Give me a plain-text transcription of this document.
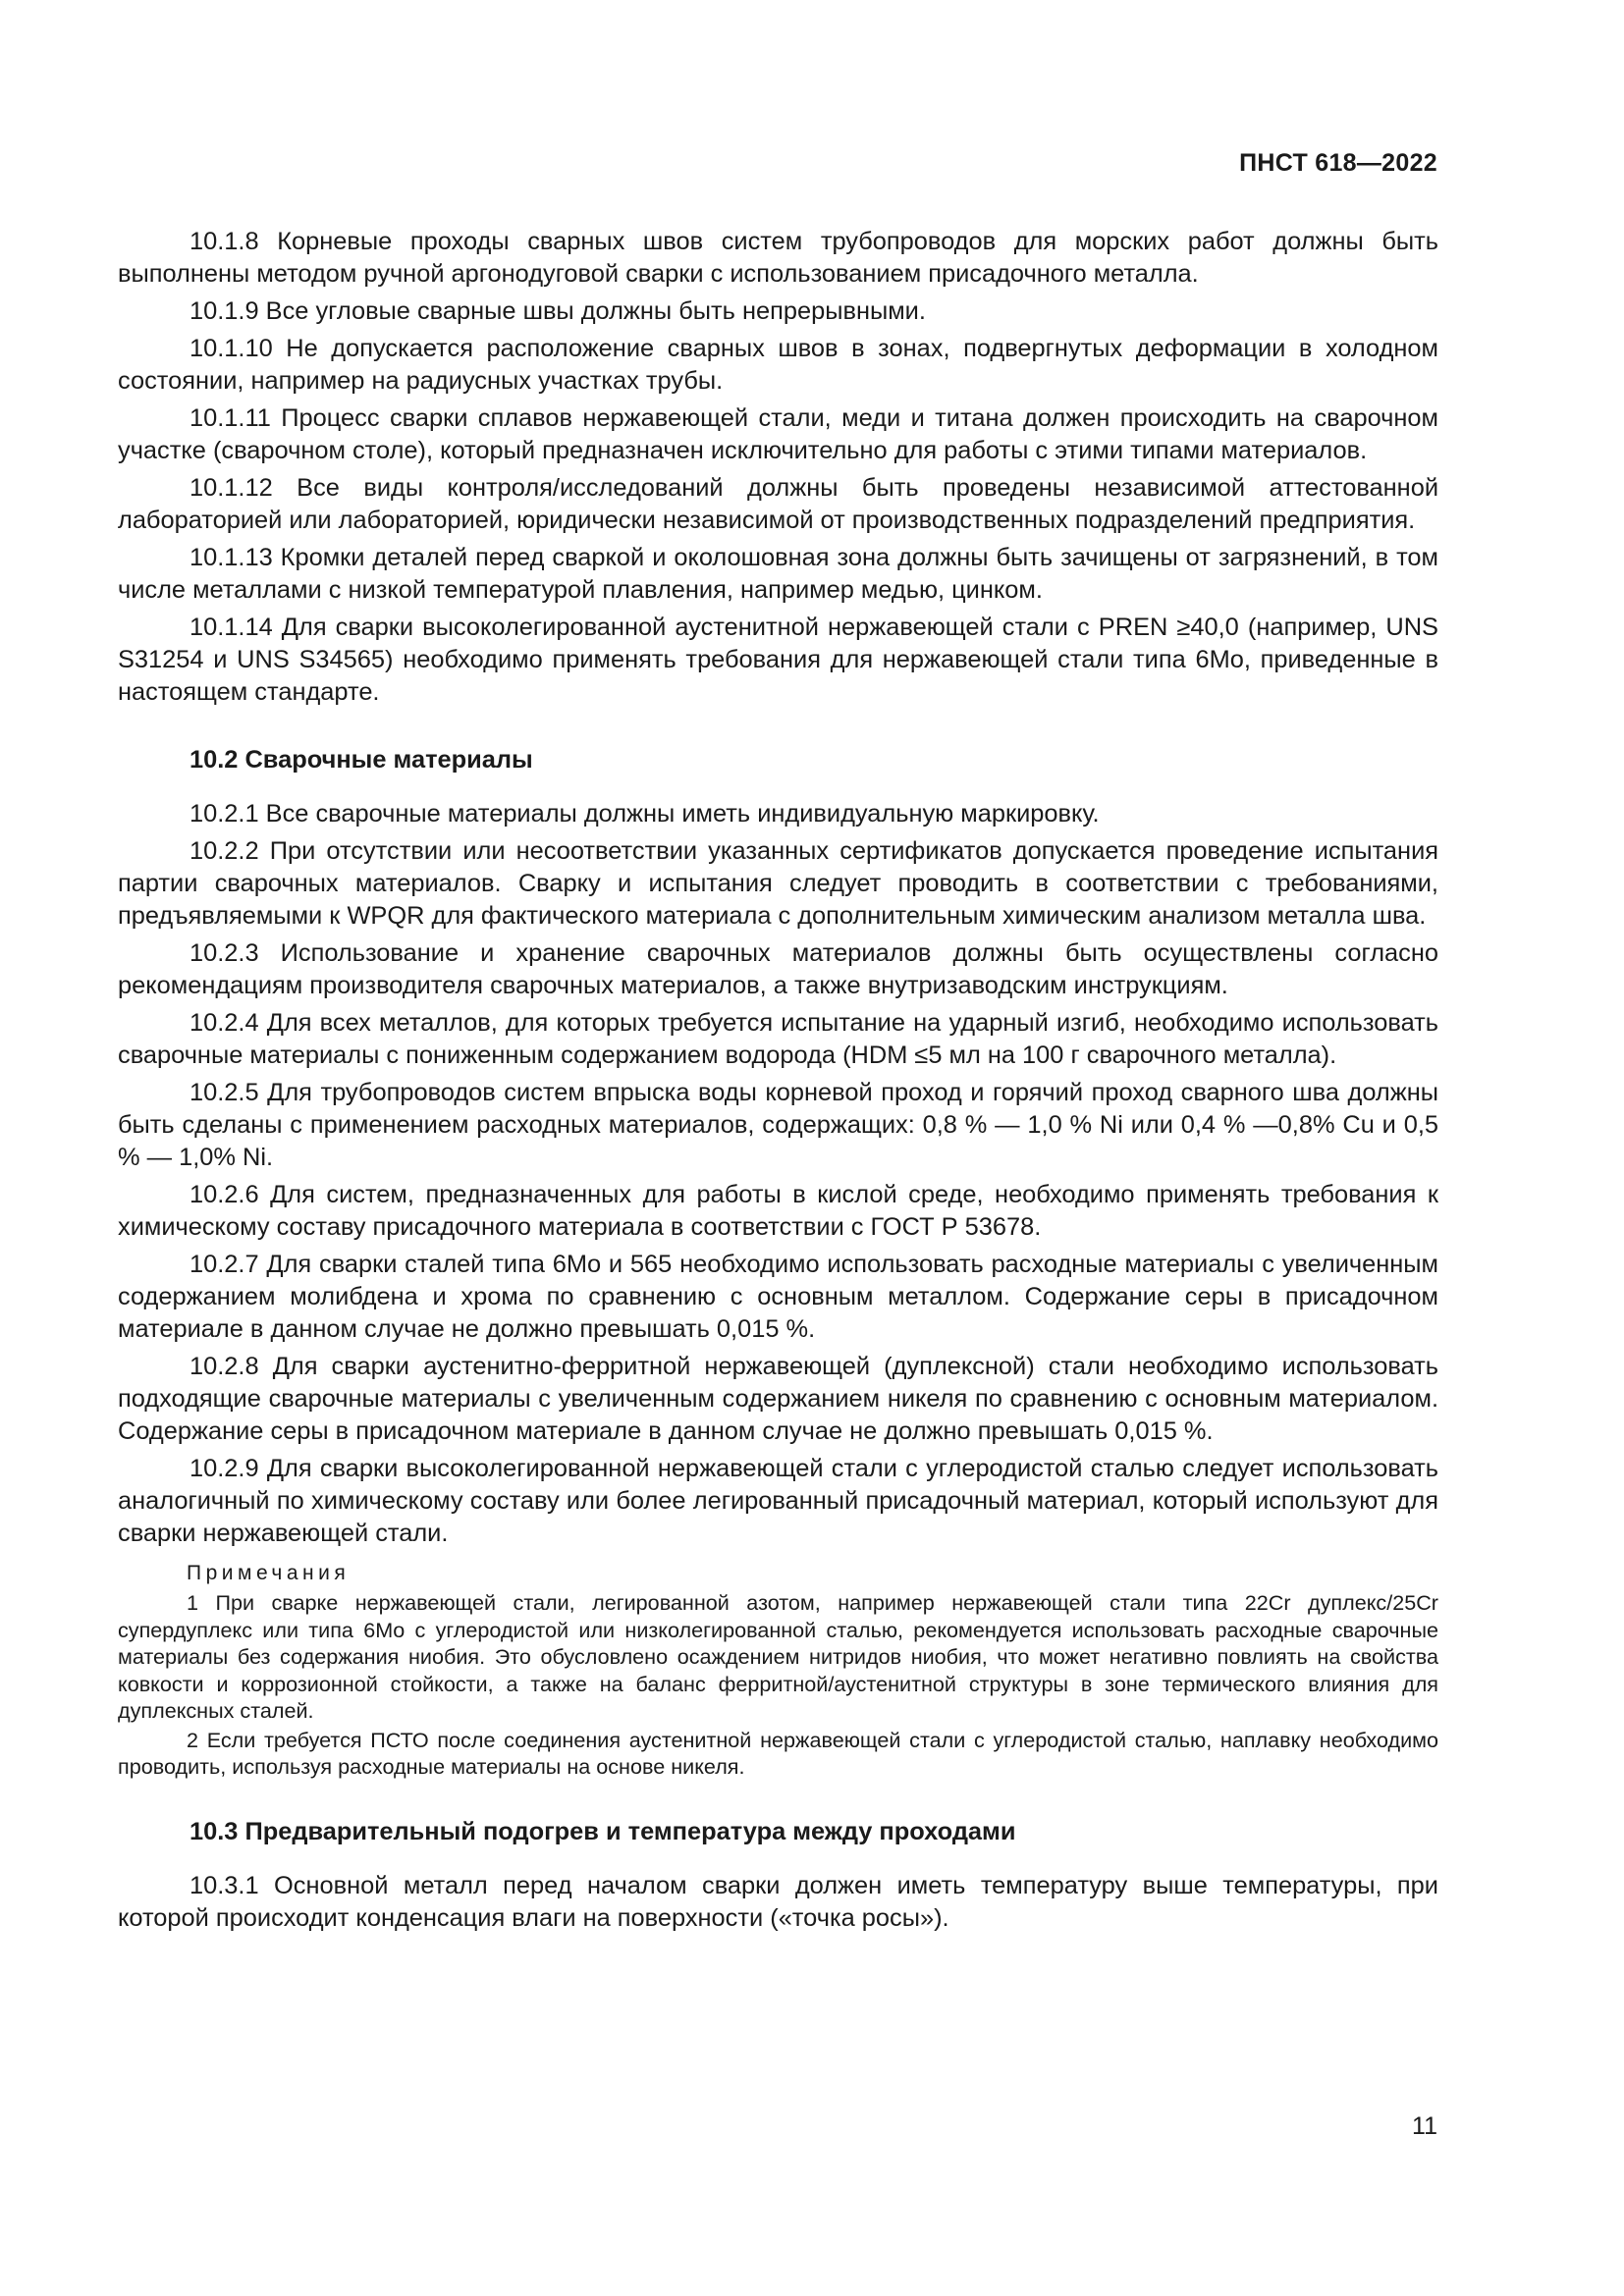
ПНСТ 618—2022

10.1.8 Корневые проходы сварных швов систем трубопроводов для морских работ должны быть выполнены методом ручной аргонодуговой сварки с использованием присадочного металла.

10.1.9 Все угловые сварные швы должны быть непрерывными.

10.1.10 Не допускается расположение сварных швов в зонах, подвергнутых деформации в холодном состоянии, например на радиусных участках трубы.

10.1.11 Процесс сварки сплавов нержавеющей стали, меди и титана должен происходить на сварочном участке (сварочном столе), который предназначен исключительно для работы с этими типами материалов.

10.1.12 Все виды контроля/исследований должны быть проведены независимой аттестованной лабораторией или лабораторией, юридически независимой от производственных подразделений предприятия.

10.1.13 Кромки деталей перед сваркой и околошовная зона должны быть зачищены от загрязнений, в том числе металлами с низкой температурой плавления, например медью, цинком.

10.1.14 Для сварки высоколегированной аустенитной нержавеющей стали с PREN ≥40,0 (например, UNS S31254 и UNS S34565) необходимо применять требования для нержавеющей стали типа 6Mo, приведенные в настоящем стандарте.

10.2 Сварочные материалы

10.2.1 Все сварочные материалы должны иметь индивидуальную маркировку.

10.2.2 При отсутствии или несоответствии указанных сертификатов допускается проведение испытания партии сварочных материалов. Сварку и испытания следует проводить в соответствии с требованиями, предъявляемыми к WPQR для фактического материала с дополнительным химическим анализом металла шва.

10.2.3 Использование и хранение сварочных материалов должны быть осуществлены согласно рекомендациям производителя сварочных материалов, а также внутризаводским инструкциям.

10.2.4 Для всех металлов, для которых требуется испытание на ударный изгиб, необходимо использовать сварочные материалы с пониженным содержанием водорода (HDM ≤5 мл на 100 г сварочного металла).

10.2.5 Для трубопроводов систем впрыска воды корневой проход и горячий проход сварного шва должны быть сделаны с применением расходных материалов, содержащих: 0,8 % — 1,0 % Ni или 0,4 % —0,8% Cu и 0,5 % — 1,0% Ni.

10.2.6 Для систем, предназначенных для работы в кислой среде, необходимо применять требования к химическому составу присадочного материала в соответствии с ГОСТ Р 53678.

10.2.7 Для сварки сталей типа 6Mo и 565 необходимо использовать расходные материалы с увеличенным содержанием молибдена и хрома по сравнению с основным металлом. Содержание серы в присадочном материале в данном случае не должно превышать 0,015 %.

10.2.8 Для сварки аустенитно-ферритной нержавеющей (дуплексной) стали необходимо использовать подходящие сварочные материалы с увеличенным содержанием никеля по сравнению с основным материалом. Содержание серы в присадочном материале в данном случае не должно превышать 0,015 %.

10.2.9 Для сварки высоколегированной нержавеющей стали с углеродистой сталью следует использовать аналогичный по химическому составу или более легированный присадочный материал, который используют для сварки нержавеющей стали.

Примечания

1 При сварке нержавеющей стали, легированной азотом, например нержавеющей стали типа 22Cr дуплекс/25Cr супердуплекс или типа 6Mo с углеродистой или низколегированной сталью, рекомендуется использовать расходные сварочные материалы без содержания ниобия. Это обусловлено осаждением нитридов ниобия, что может негативно повлиять на свойства ковкости и коррозионной стойкости, а также на баланс ферритной/аустенитной структуры в зоне термического влияния для дуплексных сталей.

2 Если требуется ПСТО после соединения аустенитной нержавеющей стали с углеродистой сталью, наплавку необходимо проводить, используя расходные материалы на основе никеля.

10.3 Предварительный подогрев и температура между проходами

10.3.1 Основной металл перед началом сварки должен иметь температуру выше температуры, при которой происходит конденсация влаги на поверхности («точка росы»).

11
